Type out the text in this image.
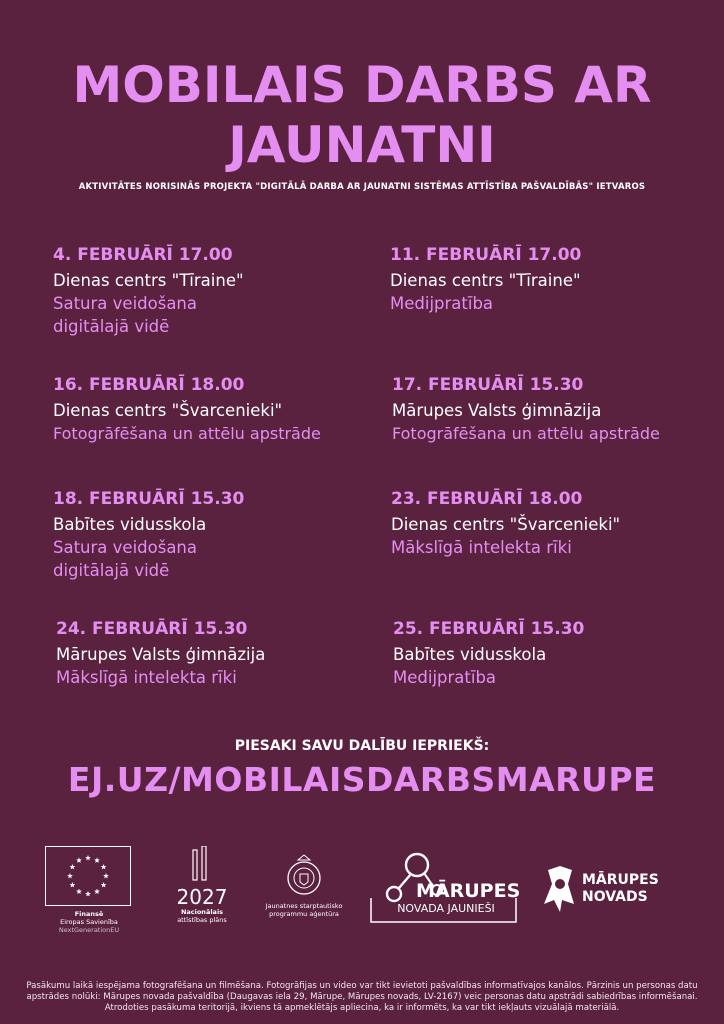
MOBILAIS DARBS AR
JAUNATNI

AKTIVITĀTES NORISINĀS PROJEKTA "DIGITĀLĀ DARBA AR JAUNATNI SISTĒMAS ATTĪSTĪBA PAŠVALDĪBĀS" IETVAROS

4. FEBRUĀRĪ 17.00
Dienas centrs "Tīraine"
Satura veidošana digitālajā vidē
11. FEBRUĀRĪ 17.00
Dienas centrs "Tīraine"
Medijpratība
16. FEBRUĀRĪ 18.00
Dienas centrs "Švarcenieki"
Fotogrāfēšana un attēlu apstrāde
17. FEBRUĀRĪ 15.30
Mārupes Valsts ģimnāzija
Fotogrāfēšana un attēlu apstrāde
18. FEBRUĀRĪ 15.30
Babītes vidusskola
Satura veidošana digitālajā vidē
23. FEBRUĀRĪ 18.00
Dienas centrs "Švarcenieki"
Mākslīgā intelekta rīki
24. FEBRUĀRĪ 15.30
Mārupes Valsts ģimnāzija
Mākslīgā intelekta rīki
25. FEBRUĀRĪ 15.30
Babītes vidusskola
Medijpratība
PIESAKI SAVU DALĪBU IEPRIEKŠ:
EJ.UZ/MOBILAISDARBSMARUPE
Finansē
Eiropas Savienība
NextGenerationEU
2027
Nacionālais
attīstības plāns
Jaunatnes starptautisko
programmu aģentūra
MĀRUPES
NOVADA JAUNIEŠI
MĀRUPES
NOVADS

Pasākumu laikā iespējama fotografēšana un filmēšana. Fotogrāfijas un video var tikt ievietoti pašvaldības informatīvajos kanālos. Pārzinis un personas datu apstrādes nolūki: Mārupes novada pašvaldība (Daugavas iela 29, Mārupe, Mārupes novads, LV-2167) veic personas datu apstrādi sabiedrības informēšanai. Atrodoties pasākuma teritorijā, ikviens tā apmeklētājs apliecina, ka ir informēts, ka var tikt iekļauts vizuālajā materiālā.
